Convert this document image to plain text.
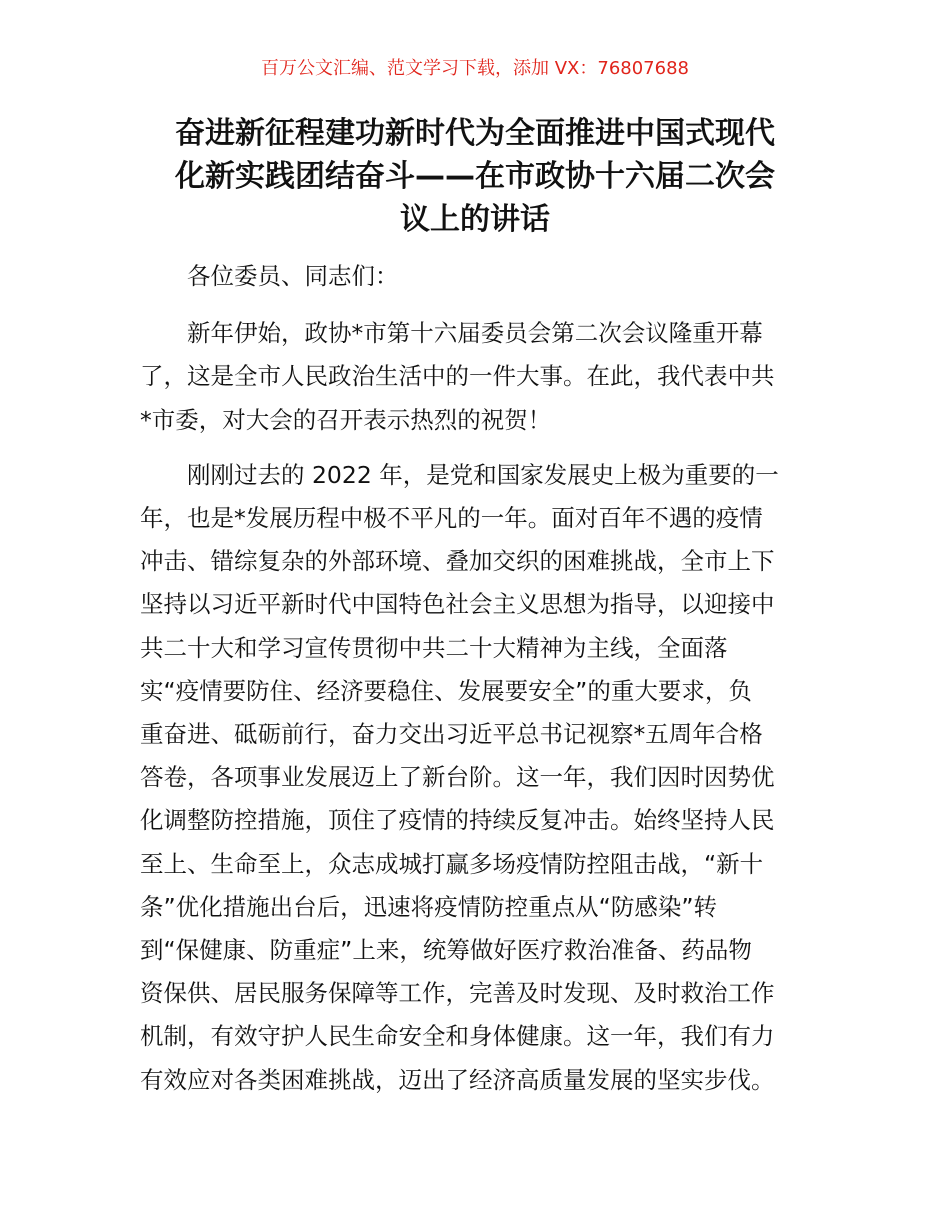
百万公文汇编、范文学习下载，添加 VX：76807688
奋进新征程建功新时代为全面推进中国式现代
化新实践团结奋斗——在市政协十六届二次会
议上的讲话

　　各位委员、同志们：

　　新年伊始，政协*市第十六届委员会第二次会议隆重开幕
了，这是全市人民政治生活中的一件大事。在此，我代表中共
*市委，对大会的召开表示热烈的祝贺！

　　刚刚过去的 2022 年，是党和国家发展史上极为重要的一
年，也是*发展历程中极不平凡的一年。面对百年不遇的疫情
冲击、错综复杂的外部环境、叠加交织的困难挑战，全市上下
坚持以习近平新时代中国特色社会主义思想为指导，以迎接中
共二十大和学习宣传贯彻中共二十大精神为主线，全面落
实“疫情要防住、经济要稳住、发展要安全”的重大要求，负
重奋进、砥砺前行，奋力交出习近平总书记视察*五周年合格
答卷，各项事业发展迈上了新台阶。这一年，我们因时因势优
化调整防控措施，顶住了疫情的持续反复冲击。始终坚持人民
至上、生命至上，众志成城打赢多场疫情防控阻击战，“新十
条”优化措施出台后，迅速将疫情防控重点从“防感染”转
到“保健康、防重症”上来，统筹做好医疗救治准备、药品物
资保供、居民服务保障等工作，完善及时发现、及时救治工作
机制，有效守护人民生命安全和身体健康。这一年，我们有力
有效应对各类困难挑战，迈出了经济高质量发展的坚实步伐。
